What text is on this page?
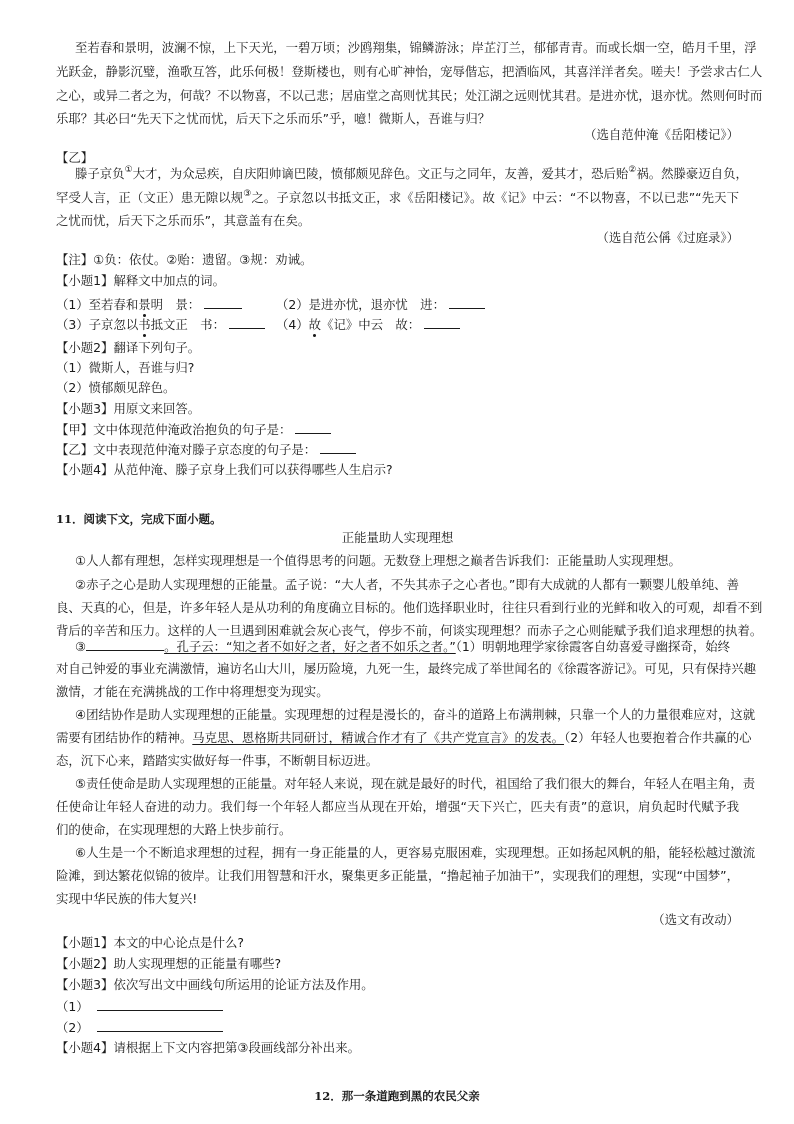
至若春和景明，波澜不惊，上下天光，一碧万顷；沙鸥翔集，锦鳞游泳；岸芷汀兰，郁郁青青。而或长烟一空，皓月千里，浮
光跃金，静影沉璧，渔歌互答，此乐何极！登斯楼也，则有心旷神怡，宠辱偕忘，把酒临风，其喜洋洋者矣。嗟夫！予尝求古仁人
之心，或异二者之为，何哉？不以物喜，不以己悲；居庙堂之高则忧其民；处江湖之远则忧其君。是进亦忧，退亦忧。然则何时而
乐耶？其必曰“先天下之忧而忧，后天下之乐而乐”乎，噫！微斯人，吾谁与归？
（选自范仲淹《岳阳楼记》）
【乙】
滕子京负①大才，为众忌疾，自庆阳帅谪巴陵，愤郁颇见辞色。文正与之同年，友善，爱其才，恐后贻②祸。然滕豪迈自负，
罕受人言，正（文正）患无隙以规③之。子京忽以书抵文正，求《岳阳楼记》。故《记》中云：“不以物喜，不以已悲”“先天下
之忧而忧，后天下之乐而乐”，其意盖有在矣。
（选自范公偁《过庭录》）
【注】①负：依仗。②贻：遗留。③规：劝诫。
【小题1】解释文中加点的词。
（1）至若春和景明　景：	（2）是进亦忧，退亦忧　进：
（3）子京忽以书抵文正　书：	（4）故《记》中云　故：
【小题2】翻译下列句子。
（1）微斯人，吾谁与归?
（2）愤郁颇见辞色。
【小题3】用原文来回答。
【甲】文中体现范仲淹政治抱负的句子是：
【乙】文中表现范仲淹对滕子京态度的句子是：
【小题4】从范仲淹、滕子京身上我们可以获得哪些人生启示?
11．阅读下文，完成下面小题。
正能量助人实现理想
①人人都有理想，怎样实现理想是一个值得思考的问题。无数登上理想之巅者告诉我们：正能量助人实现理想。
②赤子之心是助人实现理想的正能量。孟子说：“大人者，不失其赤子之心者也。”即有大成就的人都有一颗婴儿般单纯、善
良、天真的心，但是，许多年轻人是从功利的角度确立目标的。他们选择职业时，往往只看到行业的光鲜和收入的可观，却看不到
背后的辛苦和压力。这样的人一旦遇到困难就会灰心丧气，停步不前，何谈实现理想？而赤子之心则能赋予我们追求理想的执着。
③	。孔子云：“知之者不如好之者，好之者不如乐之者。”（1）明朝地理学家徐霞客自幼喜爱寻幽探奇，始终
对自己钟爱的事业充满激情，遍访名山大川，屡历险境，九死一生，最终完成了举世闻名的《徐霞客游记》。可见，只有保持兴趣
激情，才能在充满挑战的工作中将理想变为现实。
④团结协作是助人实现理想的正能量。实现理想的过程是漫长的，奋斗的道路上布满荆棘，只靠一个人的力量很难应对，这就
需要有团结协作的精神。马克思、恩格斯共同研讨，精诚合作才有了《共产党宣言》的发表。（2）年轻人也要抱着合作共赢的心
态，沉下心来，踏踏实实做好每一件事，不断朝目标迈进。
⑤责任使命是助人实现理想的正能量。对年轻人来说，现在就是最好的时代，祖国给了我们很大的舞台，年轻人在唱主角，责
任使命让年轻人奋进的动力。我们每一个年轻人都应当从现在开始，增强“天下兴亡，匹夫有责”的意识，肩负起时代赋予我
们的使命，在实现理想的大路上快步前行。
⑥人生是一个不断追求理想的过程，拥有一身正能量的人，更容易克服困难，实现理想。正如扬起风帆的船，能轻松越过激流
险滩，到达繁花似锦的彼岸。让我们用智慧和汗水，聚集更多正能量，“撸起袖子加油干”，实现我们的理想，实现“中国梦”，
实现中华民族的伟大复兴!
（选文有改动）
【小题1】本文的中心论点是什么?
【小题2】助人实现理想的正能量有哪些?
【小题3】依次写出文中画线句所运用的论证方法及作用。
（1）
（2）
【小题4】请根据上下文内容把第③段画线部分补出来。
12．那一条道跑到黑的农民父亲
